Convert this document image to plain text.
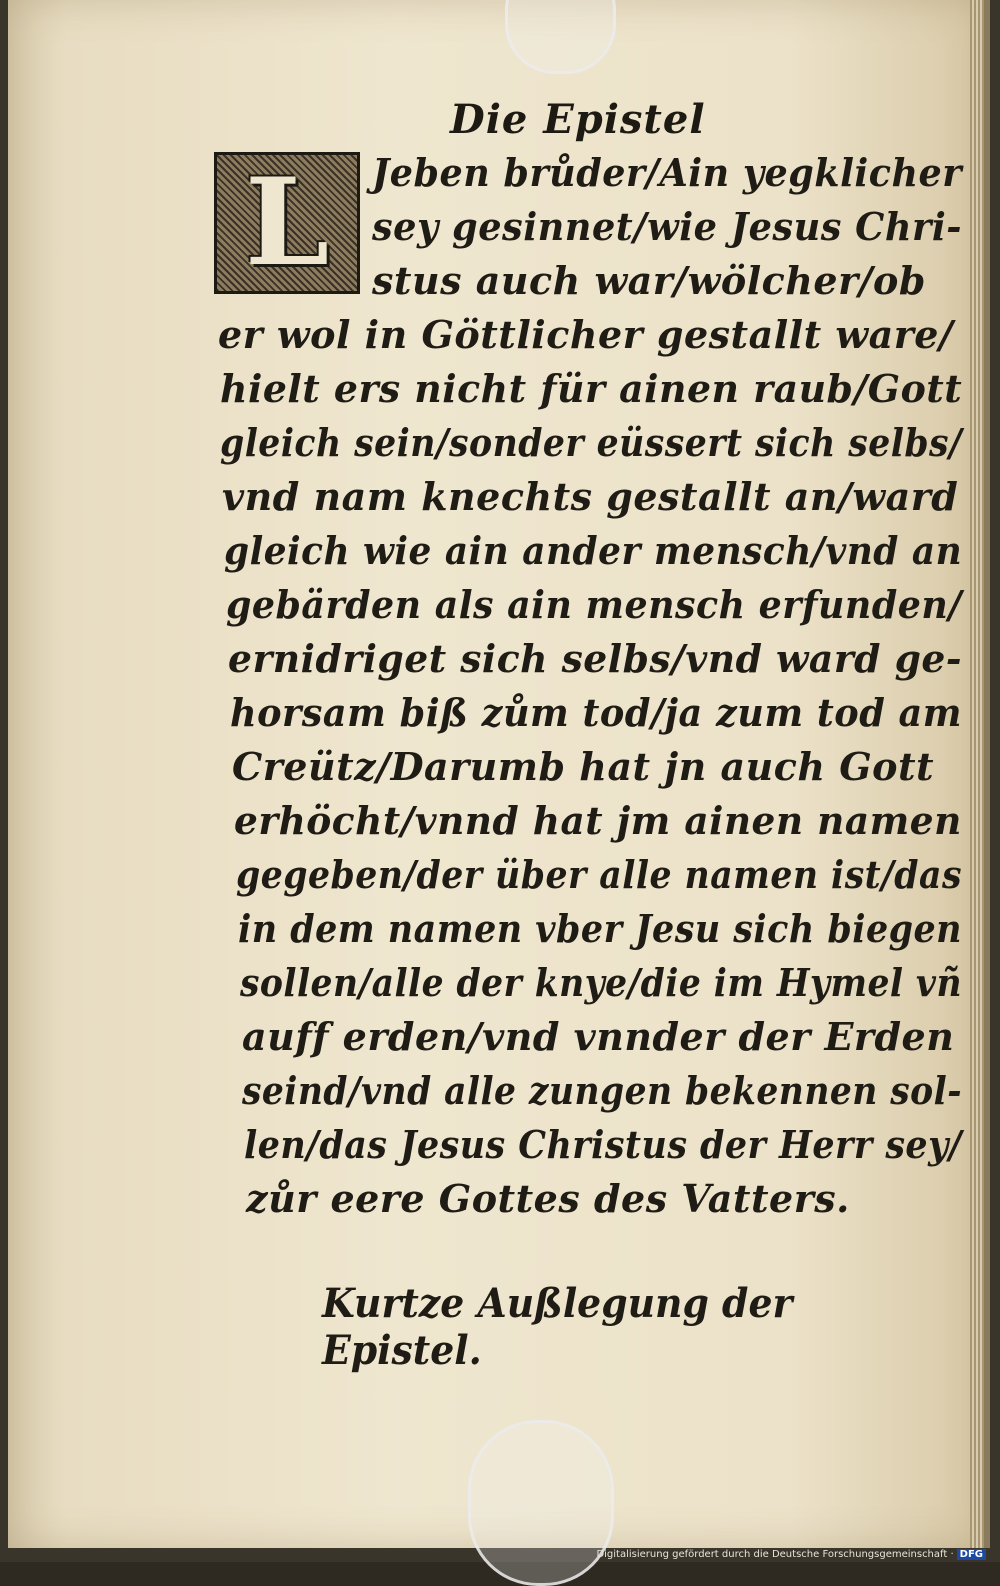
Die Epistel
L Jeben brůder/Ain yegklicher
sey gesinnet/wie Jesus Chri-
stus auch war/wölcher/ob
er wol in Göttlicher gestallt ware/
hielt ers nicht für ainen raub/Gott
gleich sein/sonder eüssert sich selbs/
vnd nam knechts gestallt an/ward
gleich wie ain ander mensch/vnd an
gebärden als ain mensch erfunden/
ernidriget sich selbs/vnd ward ge-
horsam biß zům tod/ja zum tod am
Creütz/Darumb hat jn auch Gott
erhöcht/vnnd hat jm ainen namen
gegeben/der über alle namen ist/das
in dem namen vber Jesu sich biegen
sollen/alle der knye/die im Hymel vñ
auff erden/vnd vnnder der Erden
seind/vnd alle zungen bekennen sol-
len/das Jesus Christus der Herr sey/
zůr eere Gottes des Vatters.
Kurtze Außlegung der Epistel.
Digitalisierung gefördert durch die Deutsche Forschungsgemeinschaft · DFG
